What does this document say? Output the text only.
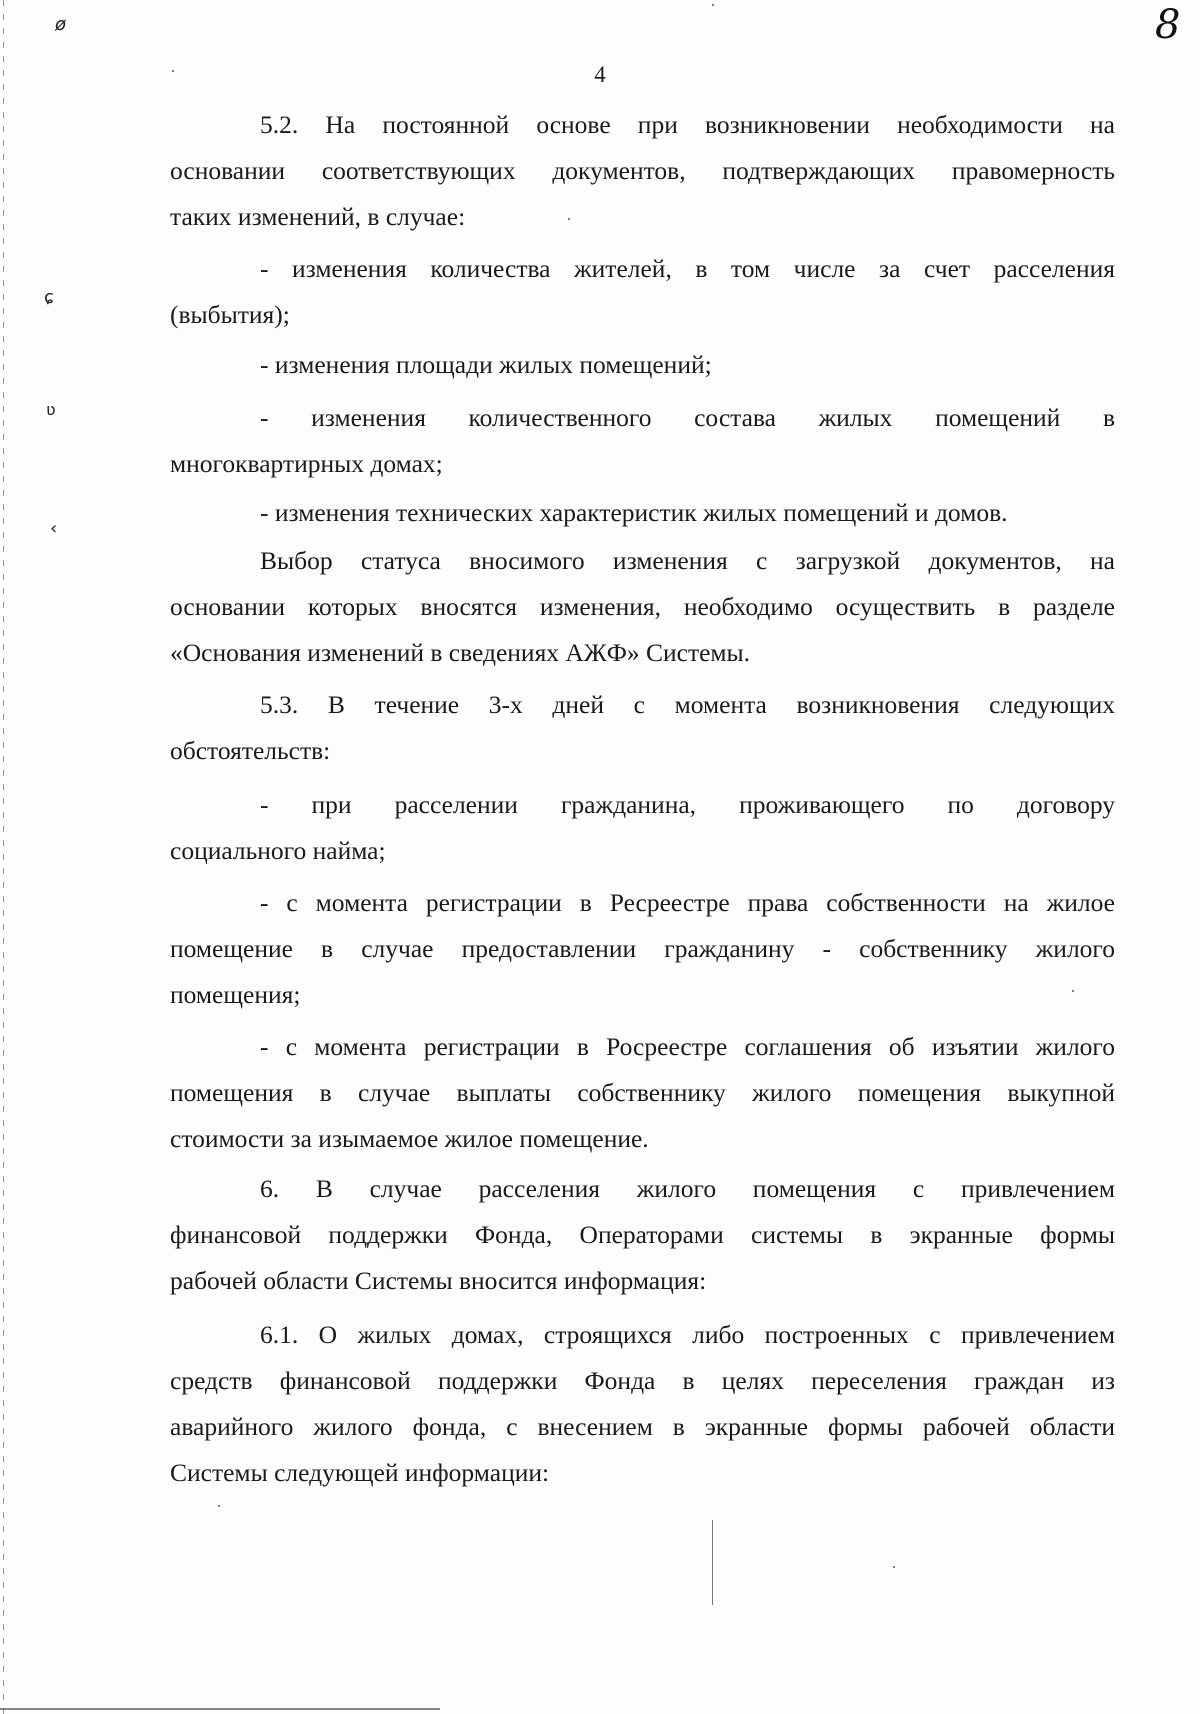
ø
ɕ
ʋ
‹
4
8
5.2. На постоянной основе при возникновении необходимости на
основании соответствующих документов, подтверждающих правомерность
таких изменений, в случае:
- изменения количества жителей, в том числе за счет расселения
(выбытия);
- изменения площади жилых помещений;
- изменения количественного состава жилых помещений в
многоквартирных домах;
- изменения технических характеристик жилых помещений и домов.
Выбор статуса вносимого изменения с загрузкой документов, на
основании которых вносятся изменения, необходимо осуществить в разделе
«Основания изменений в сведениях АЖФ» Системы.
5.3. В течение 3-х дней с момента возникновения следующих
обстоятельств:
- при расселении гражданина, проживающего по договору
социального найма;
- с момента регистрации в Ресреестре права собственности на жилое
помещение в случае предоставлении гражданину - собственнику жилого
помещения;
- с момента регистрации в Росреестре соглашения об изъятии жилого
помещения в случае выплаты собственнику жилого помещения выкупной
стоимости за изымаемое жилое помещение.
6. В случае расселения жилого помещения с привлечением
финансовой поддержки Фонда, Операторами системы в экранные формы
рабочей области Системы вносится информация:
6.1. О жилых домах, строящихся либо построенных с привлечением
средств финансовой поддержки Фонда в целях переселения граждан из
аварийного жилого фонда, с внесением в экранные формы рабочей области
Системы следующей информации:
